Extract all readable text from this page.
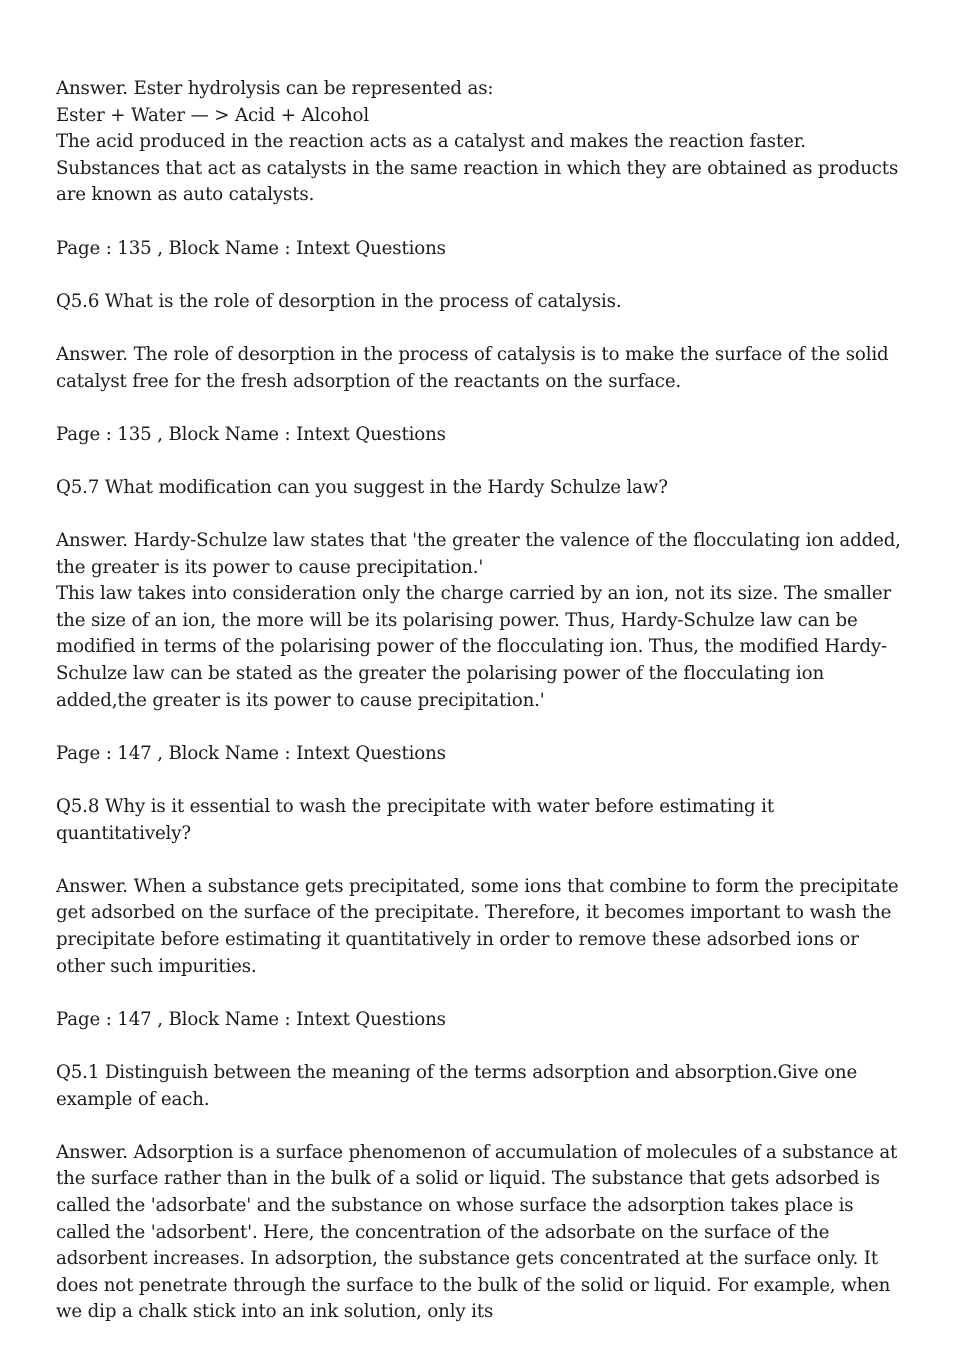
Answer. Ester hydrolysis can be represented as:

Ester + Water — > Acid + Alcohol

The acid produced in the reaction acts as a catalyst and makes the reaction faster.

Substances that act as catalysts in the same reaction in which they are obtained as products are known as auto catalysts.

Page : 135 , Block Name : Intext Questions

Q5.6 What is the role of desorption in the process of catalysis.

Answer. The role of desorption in the process of catalysis is to make the surface of the solid catalyst free for the fresh adsorption of the reactants on the surface.

Page : 135 , Block Name : Intext Questions

Q5.7 What modification can you suggest in the Hardy Schulze law?

Answer. Hardy-Schulze law states that 'the greater the valence of the flocculating ion added, the greater is its power to cause precipitation.'

This law takes into consideration only the charge carried by an ion, not its size. The smaller the size of an ion, the more will be its polarising power. Thus, Hardy-Schulze law can be modified in terms of the polarising power of the flocculating ion. Thus, the modified Hardy-Schulze law can be stated as the greater the polarising power of the flocculating ion added,the greater is its power to cause precipitation.'

Page : 147 , Block Name : Intext Questions

Q5.8 Why is it essential to wash the precipitate with water before estimating it quantitatively?

Answer. When a substance gets precipitated, some ions that combine to form the precipitate get adsorbed on the surface of the precipitate. Therefore, it becomes important to wash the precipitate before estimating it quantitatively in order to remove these adsorbed ions or other such impurities.

Page : 147 , Block Name : Intext Questions

Q5.1 Distinguish between the meaning of the terms adsorption and absorption.Give one example of each.

Answer. Adsorption is a surface phenomenon of accumulation of molecules of a substance at the surface rather than in the bulk of a solid or liquid. The substance that gets adsorbed is called the 'adsorbate' and the substance on whose surface the adsorption takes place is called the 'adsorbent'. Here, the concentration of the adsorbate on the surface of the adsorbent increases. In adsorption, the substance gets concentrated at the surface only. It does not penetrate through the surface to the bulk of the solid or liquid. For example, when we dip a chalk stick into an ink solution, only its
